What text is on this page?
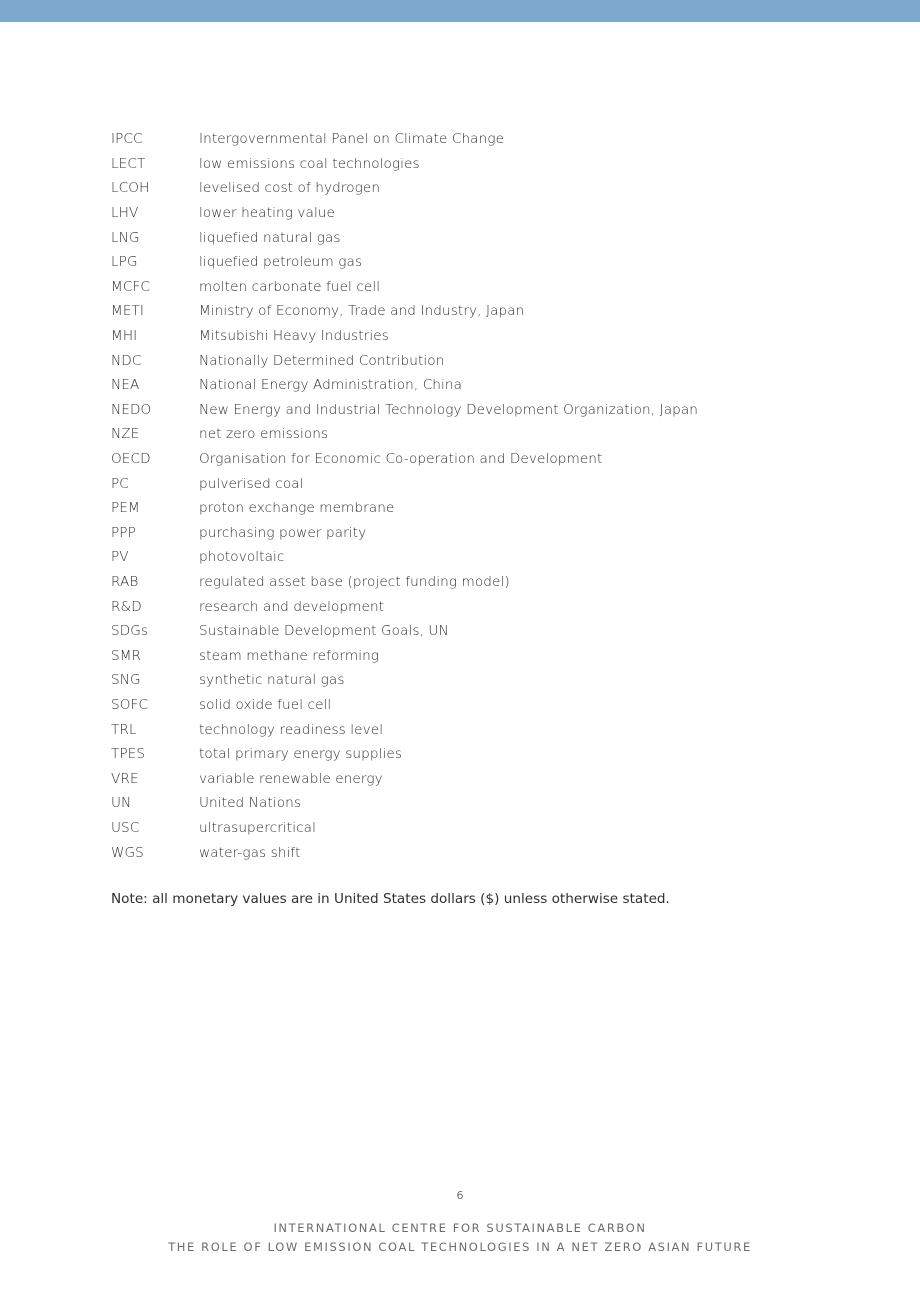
IPCC	Intergovernmental Panel on Climate Change
LECT	low emissions coal technologies
LCOH	levelised cost of hydrogen
LHV	lower heating value
LNG	liquefied natural gas
LPG	liquefied petroleum gas
MCFC	molten carbonate fuel cell
METI	Ministry of Economy, Trade and Industry, Japan
MHI	Mitsubishi Heavy Industries
NDC	Nationally Determined Contribution
NEA	National Energy Administration, China
NEDO	New Energy and Industrial Technology Development Organization, Japan
NZE	net zero emissions
OECD	Organisation for Economic Co-operation and Development
PC	pulverised coal
PEM	proton exchange membrane
PPP	purchasing power parity
PV	photovoltaic
RAB	regulated asset base (project funding model)
R&D	research and development
SDGs	Sustainable Development Goals, UN
SMR	steam methane reforming
SNG	synthetic natural gas
SOFC	solid oxide fuel cell
TRL	technology readiness level
TPES	total primary energy supplies
VRE	variable renewable energy
UN	United Nations
USC	ultrasupercritical
WGS	water-gas shift
Note: all monetary values are in United States dollars ($) unless otherwise stated.
6
INTERNATIONAL CENTRE FOR SUSTAINABLE CARBON
THE ROLE OF LOW EMISSION COAL TECHNOLOGIES IN A NET ZERO ASIAN FUTURE
